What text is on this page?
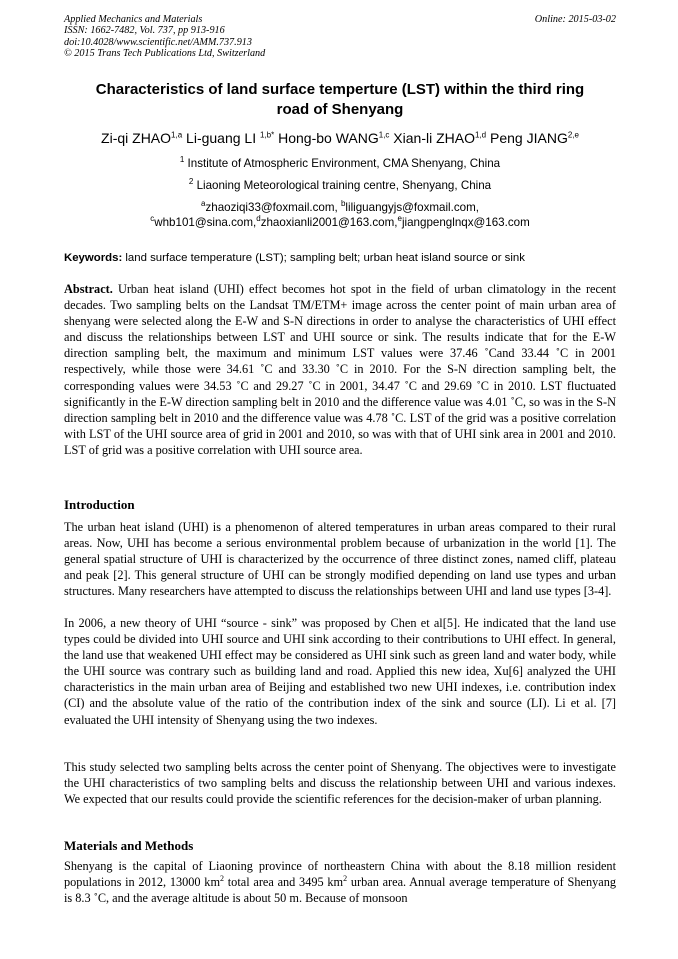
Applied Mechanics and Materials
ISSN: 1662-7482, Vol. 737, pp 913-916
doi:10.4028/www.scientific.net/AMM.737.913
© 2015 Trans Tech Publications Ltd, Switzerland
Online: 2015-03-02
Characteristics of land surface temperture (LST) within the third ring
road of Shenyang
Zi-qi ZHAO$^{1,a}$ Li-guang LI $^{1,b*}$ Hong-bo WANG$^{1,c}$ Xian-li ZHAO$^{1,d}$ Peng JIANG$^{2,e}$
$^1$ Institute of Atmospheric Environment, CMA Shenyang, China
$^2$ Liaoning Meteorological training centre, Shenyang, China
$^a$zhaoziqi33@foxmail.com, $^b$liliguangyjs@foxmail.com,
$^c$whb101@sina.com,$^d$zhaoxianli2001@163.com,$^e$jiangpenglnqx@163.com
Keywords: land surface temperature (LST); sampling belt; urban heat island source or sink
Abstract. Urban heat island (UHI) effect becomes hot spot in the field of urban climatology in the recent decades. Two sampling belts on the Landsat TM/ETM+ image across the center point of main urban area of shenyang were selected along the E-W and S-N directions in order to analyse the characteristics of UHI effect and discuss the relationships between LST and UHI source or sink. The results indicate that for the E-W direction sampling belt, the maximum and minimum LST values were 37.46 ˚Cand 33.44 ˚C in 2001 respectively, while those were 34.61 ˚C and 33.30 ˚C in 2010. For the S-N direction sampling belt, the corresponding values were 34.53 ˚C and 29.27 ˚C in 2001, 34.47 ˚C and 29.69 ˚C in 2010. LST fluctuated significantly in the E-W direction sampling belt in 2010 and the difference value was 4.01 ˚C, so was in the S-N direction sampling belt in 2010 and the difference value was 4.78 ˚C. LST of the grid was a positive correlation with LST of the UHI source area of grid in 2001 and 2010, so was with that of UHI sink area in 2001 and 2010. LST of grid was a positive correlation with UHI source area.
Introduction
The urban heat island (UHI) is a phenomenon of altered temperatures in urban areas compared to their rural areas. Now, UHI has become a serious environmental problem because of urbanization in the world [1]. The general spatial structure of UHI is characterized by the occurrence of three distinct zones, named cliff, plateau and peak [2]. This general structure of UHI can be strongly modified depending on land use types and urban structures. Many researchers have attempted to discuss the relationships between UHI and land use types [3-4].
In 2006, a new theory of UHI “source - sink” was proposed by Chen et al[5]. He indicated that the land use types could be divided into UHI source and UHI sink according to their contributions to UHI effect. In general, the land use that weakened UHI effect may be considered as UHI sink such as green land and water body, while the UHI source was contrary such as building land and road. Applied this new idea, Xu[6] analyzed the UHI characteristics in the main urban area of Beijing and established two new UHI indexes, i.e. contribution index (CI) and the absolute value of the ratio of the contribution index of the sink and source (LI). Li et al. [7] evaluated the UHI intensity of Shenyang using the two indexes.
This study selected two sampling belts across the center point of Shenyang. The objectives were to investigate the UHI characteristics of two sampling belts and discuss the relationship between UHI and various indexes. We expected that our results could provide the scientific references for the decision-maker of urban planning.
Materials and Methods
Shenyang is the capital of Liaoning province of northeastern China with about the 8.18 million resident populations in 2012, 13000 $km^2$ total area and 3495 $km^2$ urban area. Annual average temperature of Shenyang is 8.3 ˚C, and the average altitude is about 50 m. Because of monsoon
